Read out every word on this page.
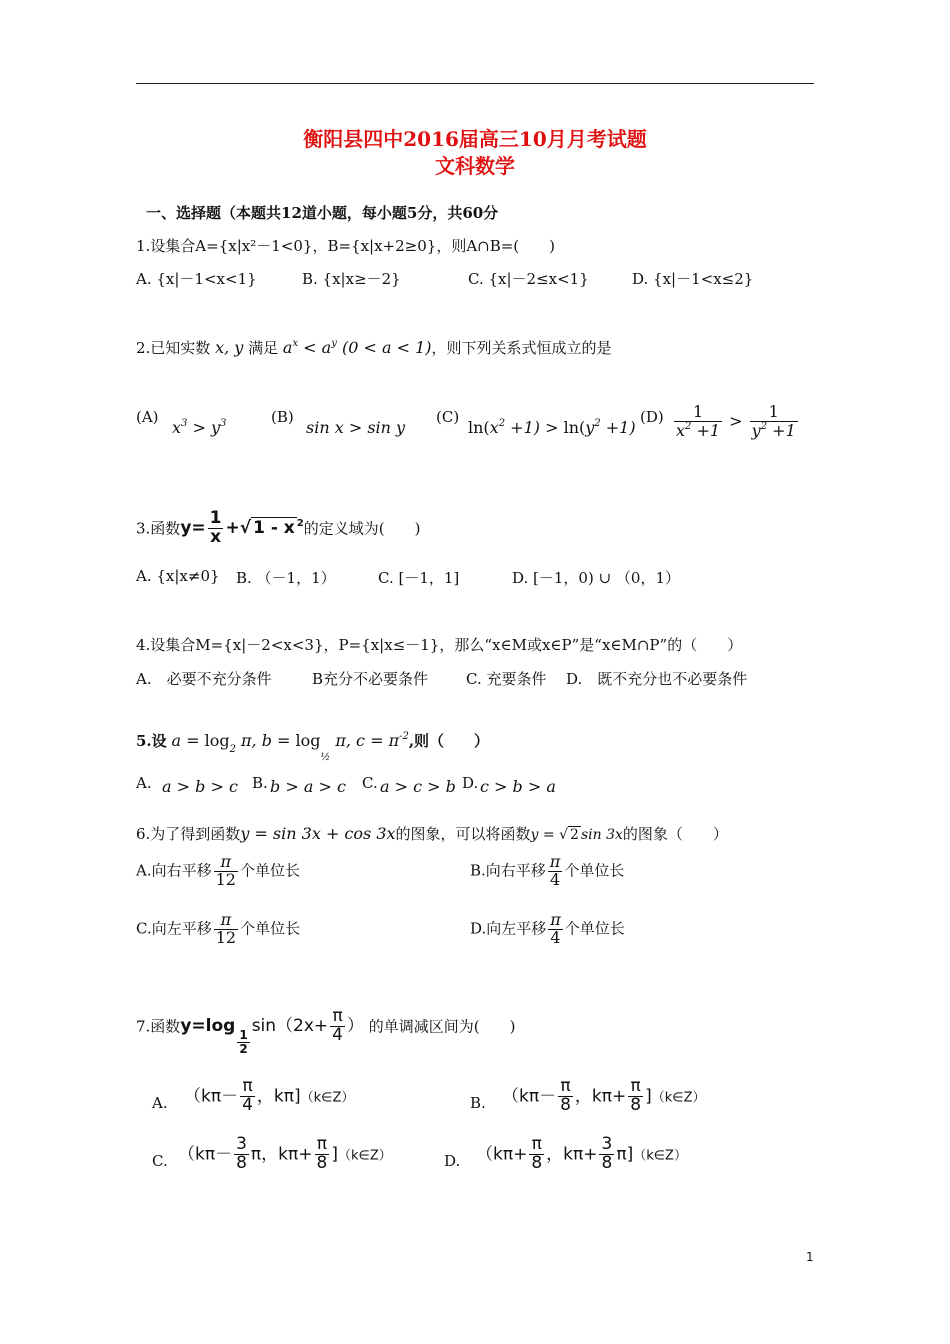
衡阳县四中2016届高三10月月考试题
文科数学
一、选择题（本题共12道小题，每小题5分，共60分
1.设集合A={x|x²－1<0}，B={x|x+2≥0}，则A∩B=(　　)
A. {x|－1<x<1}	B. {x|x≥－2}	C. {x|－2≤x<1}	D. {x|－1<x≤2}
2.已知实数 x, y 满足 $a^x < a^y$ (0 < a < 1)，则下列关系式恒成立的是
(A)
$x^3 > y^3$	(B)
sin x > sin y
(C)
$\ln(x^2 +1) > \ln(y^2 +1)$
$(D) \frac{1}{x^2 +1} > \frac{1}{y^2 +1}$
3.函数$y= \frac{1}{x}$ +√ 1 - x $^2$的定义域为(　　)
A. {x|x≠0} B. （－1，1）	C. [－1，1]	D. [－1，0) ∪ （0，1）
4.设集合M={x|－2<x<3}，P={x|x≤－1}，那么“x∈M或x∈P”是“x∈M∩P”的（　　）
A.　必要不充分条件	B充分不必要条件	C. 充要条件 D.　既不充分也不必要条件
5.设 $a = \log_2 \pi$, $b = \log_{\frac{1}{2}} \pi$, $c = \pi^{-2}$,则（　　）
A. a > b > c B. b > a > c C. a > c > b D. c > b > a
6.为了得到函数y = sin 3x + cos 3x的图象，可以将函数y = √ 2 sin 3x的图象（　　）
A.向右平移 $\frac{\pi}{12}$ 个单位长	B.向右平移 $\frac{\pi}{4}$ 个单位长
C.向左平移 $\frac{\pi}{12}$ 个单位长	D.向左平移 $\frac{\pi}{4}$ 个单位长
7.函数y=log
$_{\frac{1}{2}}$
$\sin(2x+ \frac{\pi}{4}$ ） 的单调减区间为(　　)
A. （$k\pi- \frac{\pi}{4}$ ，kπ]（k∈Z）	B. （$k\pi- \frac{\pi}{8}$ ，$k\pi+ \frac{\pi}{8}$ ]（k∈Z）
C. （$k\pi- \frac{3}{8}$ π，$k\pi+ \frac{\pi}{8}$ ]（k∈Z）	D. （$k\pi+ \frac{\pi}{8}$ ，$k\pi+ \frac{3}{8}$ π]（k∈Z）
1
